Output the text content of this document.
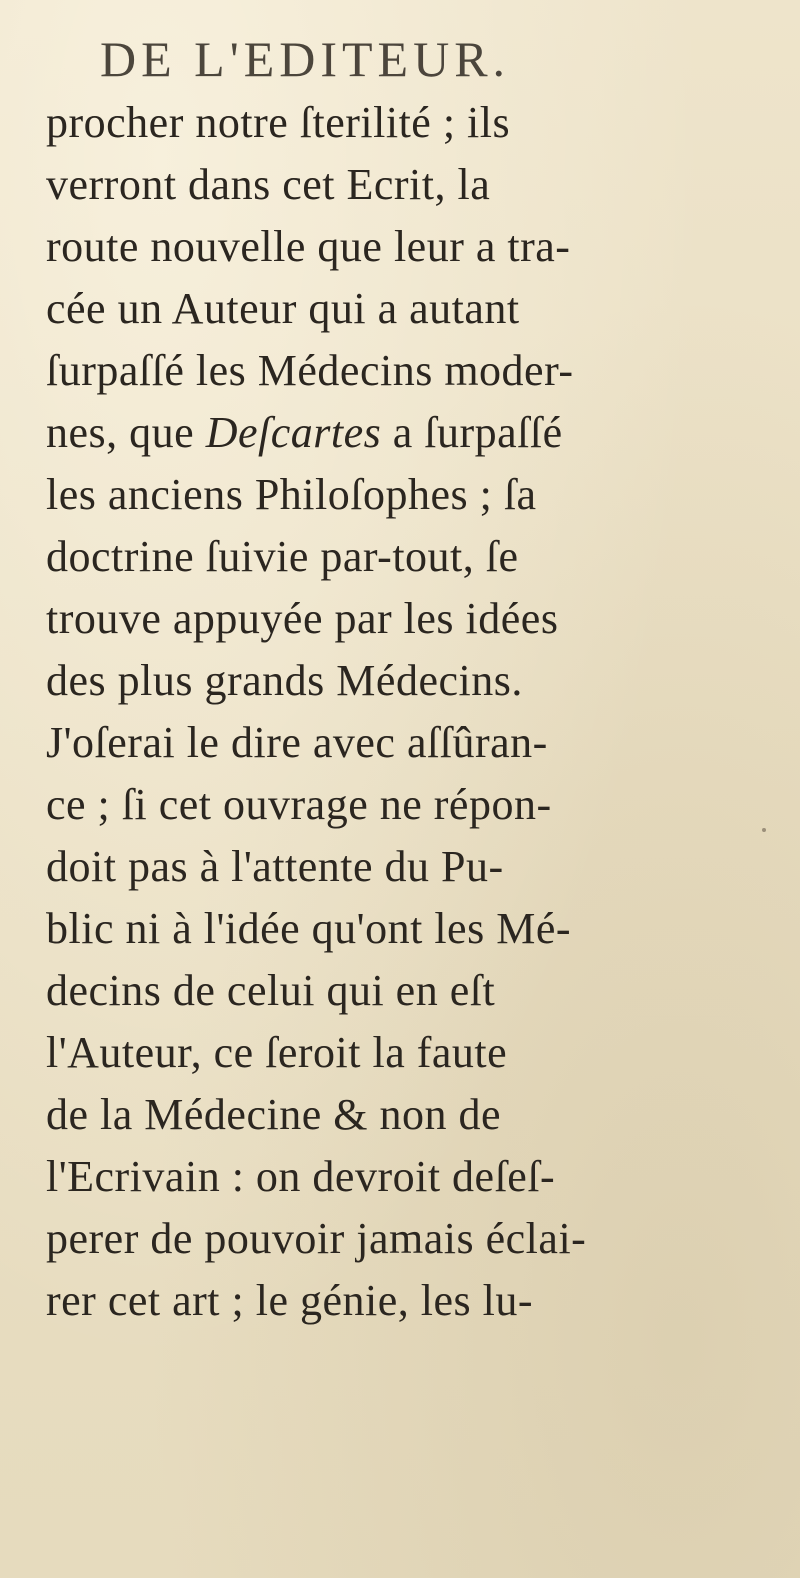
DE L'EDITEUR.
procher notre ſterilité ; ils
verront dans cet Ecrit, la
route nouvelle que leur a tra-
cée un Auteur qui a autant
ſurpaſſé les Médecins moder-
nes, que Deſcartes a ſurpaſſé
les anciens Philoſophes ; ſa
doctrine ſuivie par-tout, ſe
trouve appuyée par les idées
des plus grands Médecins.
J'oſerai le dire avec aſſûran-
ce ; ſi cet ouvrage ne répon-
doit pas à l'attente du Pu-
blic ni à l'idée qu'ont les Mé-
decins de celui qui en eſt
l'Auteur, ce ſeroit la faute
de la Médecine & non de
l'Ecrivain : on devroit deſeſ-
perer de pouvoir jamais éclai-
rer cet art ; le génie, les lu-
